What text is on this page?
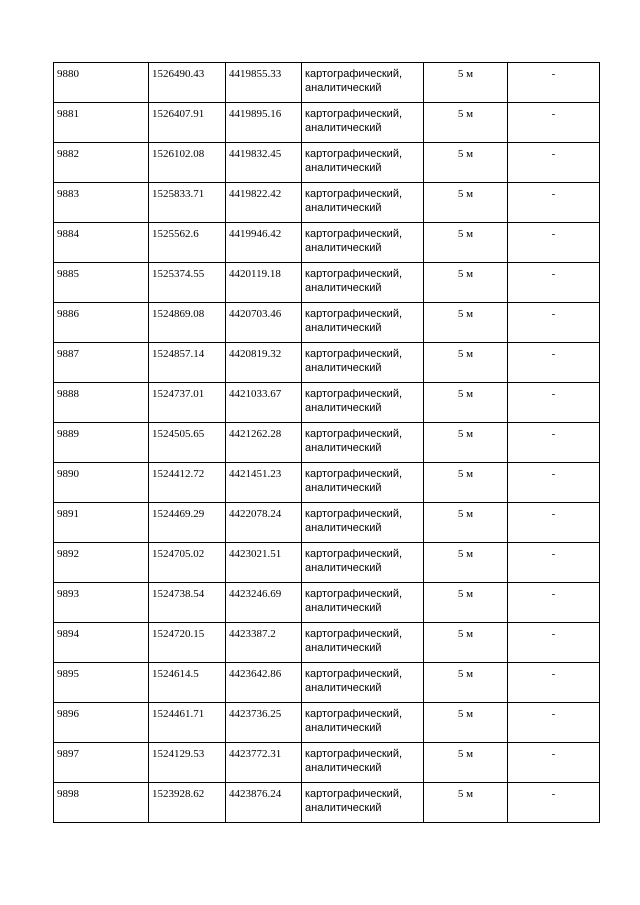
9880	1526490.43	4419855.33	картографический, аналитический	5 м	-
9881	1526407.91	4419895.16	картографический, аналитический	5 м	-
9882	1526102.08	4419832.45	картографический, аналитический	5 м	-
9883	1525833.71	4419822.42	картографический, аналитический	5 м	-
9884	1525562.6	4419946.42	картографический, аналитический	5 м	-
9885	1525374.55	4420119.18	картографический, аналитический	5 м	-
9886	1524869.08	4420703.46	картографический, аналитический	5 м	-
9887	1524857.14	4420819.32	картографический, аналитический	5 м	-
9888	1524737.01	4421033.67	картографический, аналитический	5 м	-
9889	1524505.65	4421262.28	картографический, аналитический	5 м	-
9890	1524412.72	4421451.23	картографический, аналитический	5 м	-
9891	1524469.29	4422078.24	картографический, аналитический	5 м	-
9892	1524705.02	4423021.51	картографический, аналитический	5 м	-
9893	1524738.54	4423246.69	картографический, аналитический	5 м	-
9894	1524720.15	4423387.2	картографический, аналитический	5 м	-
9895	1524614.5	4423642.86	картографический, аналитический	5 м	-
9896	1524461.71	4423736.25	картографический, аналитический	5 м	-
9897	1524129.53	4423772.31	картографический, аналитический	5 м	-
9898	1523928.62	4423876.24	картографический, аналитический	5 м	-
